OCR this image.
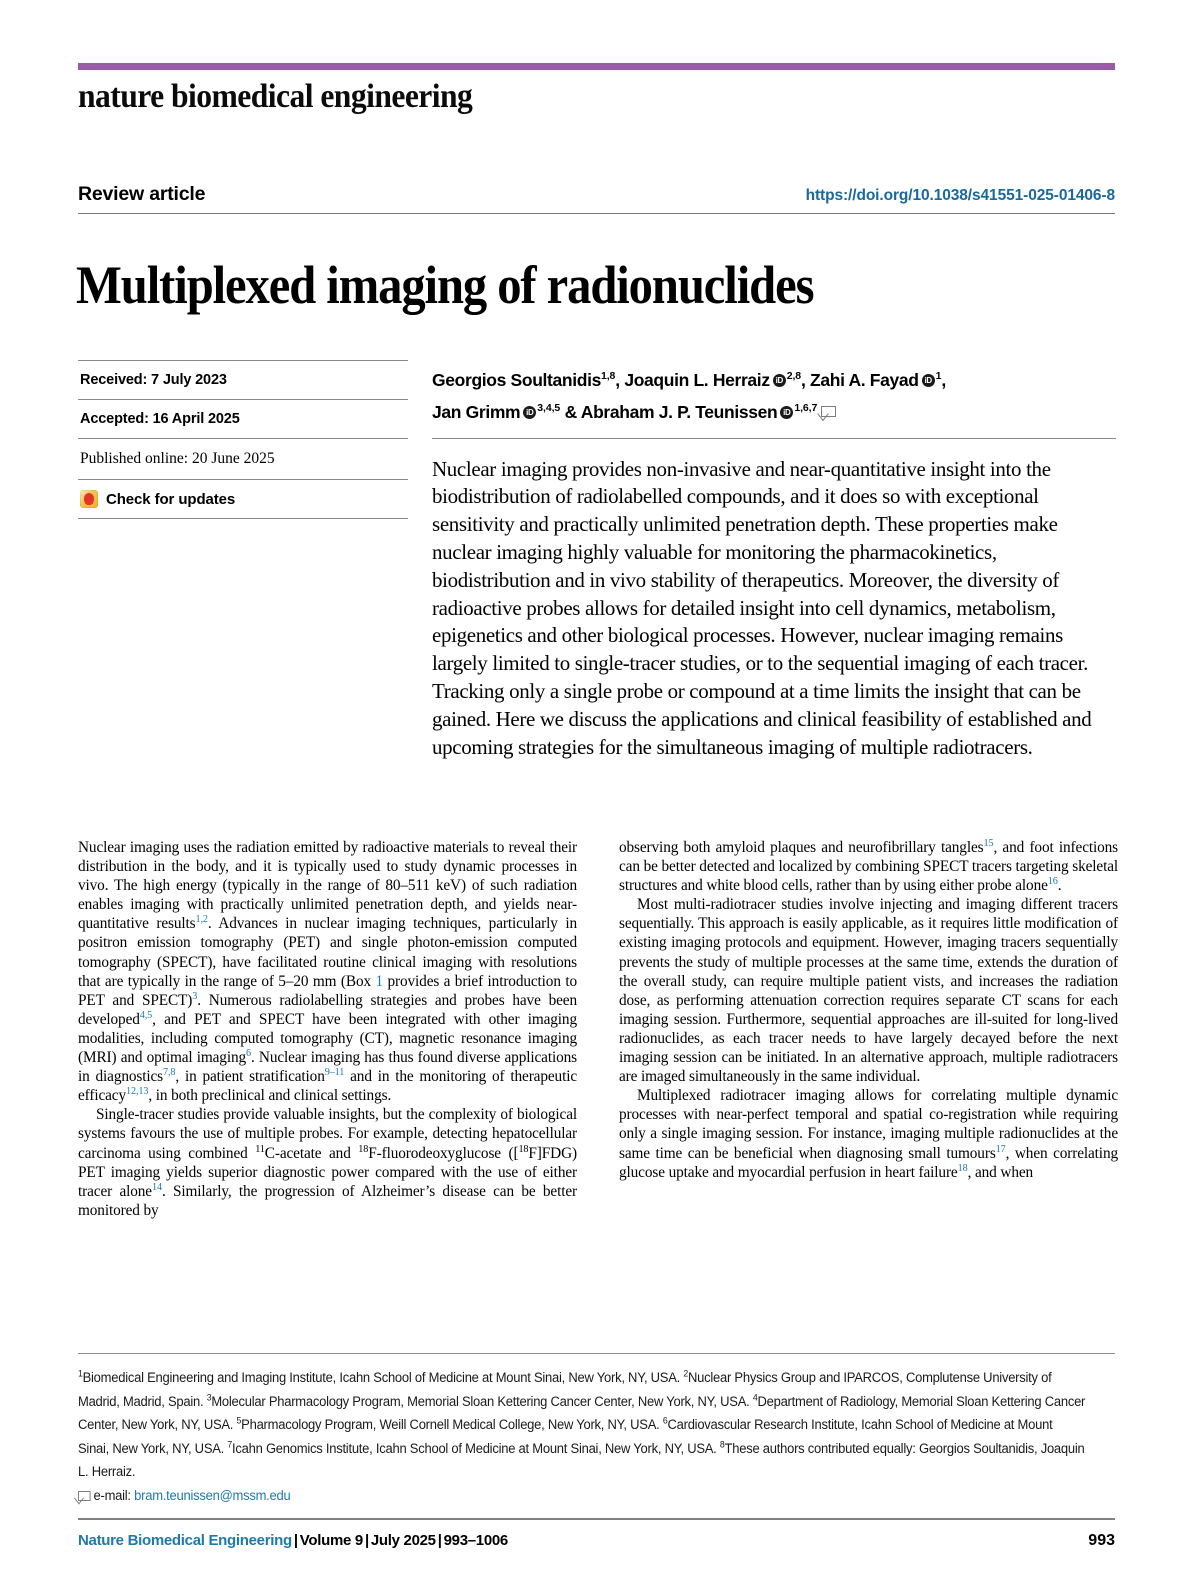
nature biomedical engineering
Review article	https://doi.org/10.1038/s41551-025-01406-8
Multiplexed imaging of radionuclides
Received: 7 July 2023
Accepted: 16 April 2025
Published online: 20 June 2025
Check for updates
Georgios Soultanidis$^{1,8}$, Joaquin L. Herraiz iD $^{2,8}$, Zahi A. Fayad iD $^1$,
Jan Grimm iD $^{3,4,5}$ & Abraham J. P. Teunissen iD $^{1,6,7}$
Nuclear imaging provides non-invasive and near-quantitative insight into the biodistribution of radiolabelled compounds, and it does so with exceptional sensitivity and practically unlimited penetration depth. These properties make nuclear imaging highly valuable for monitoring the pharmacokinetics, biodistribution and in vivo stability of therapeutics. Moreover, the diversity of radioactive probes allows for detailed insight into cell dynamics, metabolism, epigenetics and other biological processes. However, nuclear imaging remains largely limited to single-tracer studies, or to the sequential imaging of each tracer. Tracking only a single probe or compound at a time limits the insight that can be gained. Here we discuss the applications and clinical feasibility of established and upcoming strategies for the simultaneous imaging of multiple radiotracers.

Nuclear imaging uses the radiation emitted by radioactive materials to reveal their distribution in the body, and it is typically used to study dynamic processes in vivo. The high energy (typically in the range of 80–511 keV) of such radiation enables imaging with practically unlimited penetration depth, and yields near-quantitative results$^{1,2}$. Advances in nuclear imaging techniques, particularly in positron emission tomography (PET) and single photon-emission computed tomography (SPECT), have facilitated routine clinical imaging with resolutions that are typically in the range of 5–20 mm (Box 1 provides a brief introduction to PET and SPECT)$^3$. Numerous radiolabelling strategies and probes have been developed$^{4,5}$, and PET and SPECT have been integrated with other imaging modalities, including computed tomography (CT), magnetic resonance imaging (MRI) and optimal imaging$^6$. Nuclear imaging has thus found diverse applications in diagnostics$^{7,8}$, in patient stratification$^{9-11}$ and in the monitoring of therapeutic efficacy$^{12,13}$, in both preclinical and clinical settings.

Single-tracer studies provide valuable insights, but the complexity of biological systems favours the use of multiple probes. For example, detecting hepatocellular carcinoma using combined $^{11}$C-acetate and $^{18}$F-fluorodeoxyglucose ([$^{18}$F]FDG) PET imaging yields superior diagnostic power compared with the use of either tracer alone$^{14}$. Similarly, the progression of Alzheimer’s disease can be better monitored by

observing both amyloid plaques and neurofibrillary tangles$^{15}$, and foot infections can be better detected and localized by combining SPECT tracers targeting skeletal structures and white blood cells, rather than by using either probe alone$^{16}$.

Most multi-radiotracer studies involve injecting and imaging different tracers sequentially. This approach is easily applicable, as it requires little modification of existing imaging protocols and equipment. However, imaging tracers sequentially prevents the study of multiple processes at the same time, extends the duration of the overall study, can require multiple patient vists, and increases the radiation dose, as performing attenuation correction requires separate CT scans for each imaging session. Furthermore, sequential approaches are ill-suited for long-lived radionuclides, as each tracer needs to have largely decayed before the next imaging session can be initiated. In an alternative approach, multiple radiotracers are imaged simultaneously in the same individual.

Multiplexed radiotracer imaging allows for correlating multiple dynamic processes with near-perfect temporal and spatial co-registration while requiring only a single imaging session. For instance, imaging multiple radionuclides at the same time can be beneficial when diagnosing small tumours$^{17}$, when correlating glucose uptake and myocardial perfusion in heart failure$^{18}$, and when

$^1$Biomedical Engineering and Imaging Institute, Icahn School of Medicine at Mount Sinai, New York, NY, USA. $^2$Nuclear Physics Group and IPARCOS, Complutense University of Madrid, Madrid, Spain. $^3$Molecular Pharmacology Program, Memorial Sloan Kettering Cancer Center, New York, NY, USA. $^4$Department of Radiology, Memorial Sloan Kettering Cancer Center, New York, NY, USA. $^5$Pharmacology Program, Weill Cornell Medical College, New York, NY, USA. $^6$Cardiovascular Research Institute, Icahn School of Medicine at Mount Sinai, New York, NY, USA. $^7$Icahn Genomics Institute, Icahn School of Medicine at Mount Sinai, New York, NY, USA. $^8$These authors contributed equally: Georgios Soultanidis, Joaquin L. Herraiz.
e-mail: bram.teunissen@mssm.edu
Nature Biomedical Engineering | Volume 9 | July 2025 | 993–1006	993
